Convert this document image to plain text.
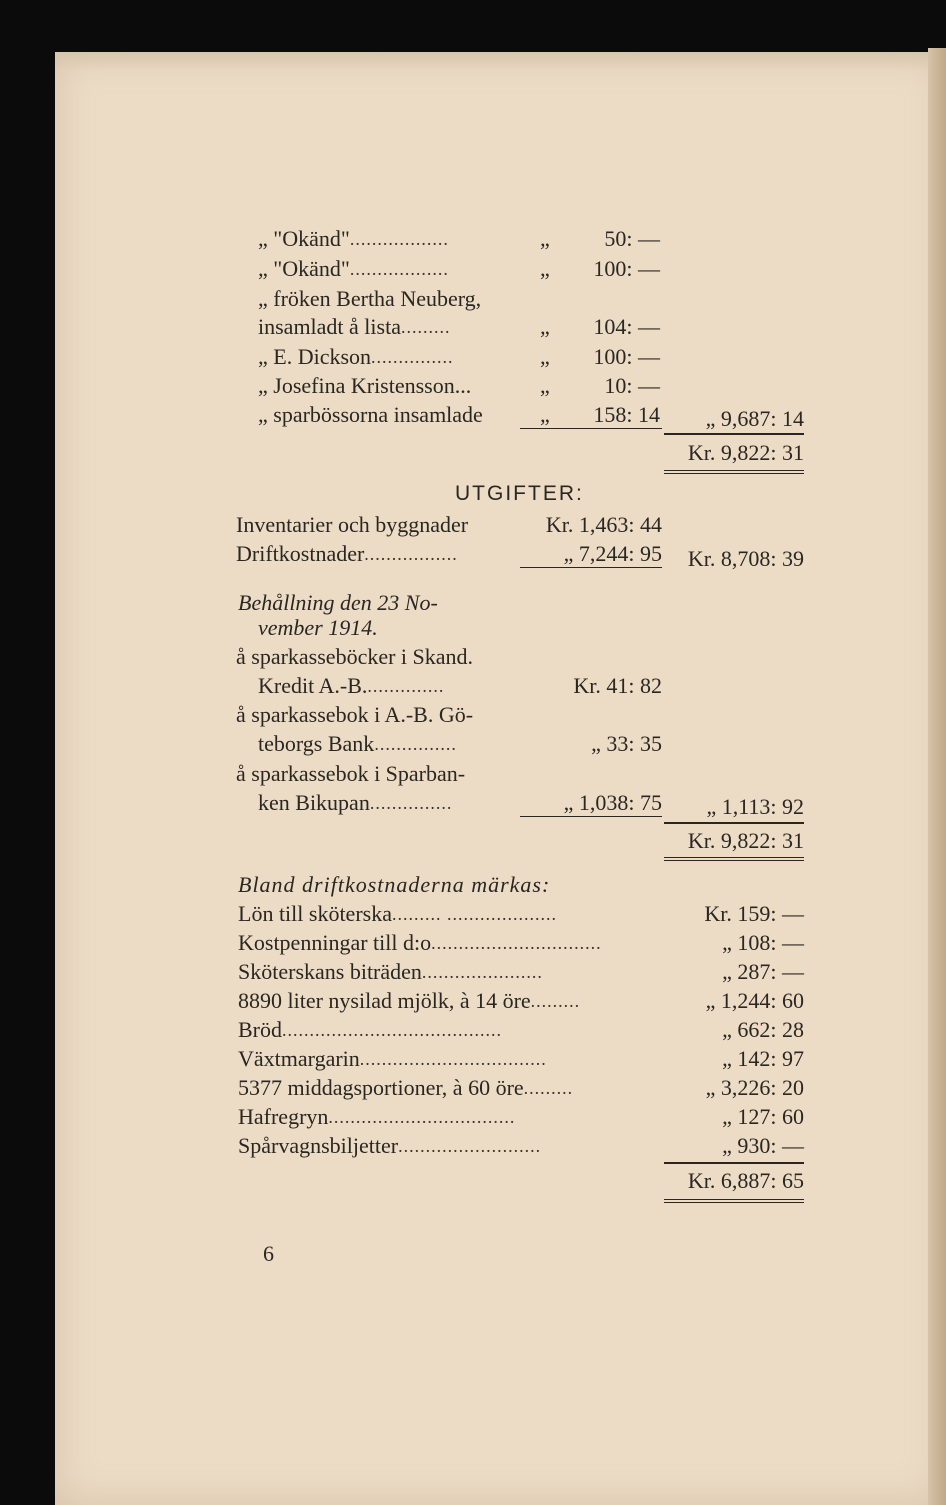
„ "Okänd" ..................	„	50: —
„ "Okänd" ..................	„	100: —
„ fröken Bertha Neuberg,
insamladt å lista .........	„	104: —
„ E. Dickson ...............	„	100: —
„ Josefina Kristensson...	„	10: —
„ sparbössorna insamlade	„	158: 14	„ 9,687: 14
Kr. 9,822: 31
UTGIFTER:
Inventarier och byggnader	Kr. 1,463: 44
Driftkostnader .................	„ 7,244: 95	Kr. 8,708: 39
Behållning den 23 No-
vember 1914.
å sparkasseböcker i Skand.
Kredit A.-B. ..............	Kr. 41: 82
å sparkassebok i A.-B. Gö-
teborgs Bank ...............	„ 33: 35
å sparkassebok i Sparban-
ken Bikupan ...............	„ 1,038: 75	„ 1,113: 92
Kr. 9,822: 31
Bland driftkostnaderna märkas:
Lön till sköterska ......... ....................	Kr. 159: —
Kostpenningar till d:o ...............................	„ 108: —
Sköterskans biträden ......................	„ 287: —
8890 liter nysilad mjölk, à 14 öre .........	„ 1,244: 60
Bröd ........................................	„ 662: 28
Växtmargarin ..................................	„ 142: 97
5377 middagsportioner, à 60 öre .........	„ 3,226: 20
Hafregryn ..................................	„ 127: 60
Spårvagnsbiljetter ..........................	„ 930: —
Kr. 6,887: 65
6
